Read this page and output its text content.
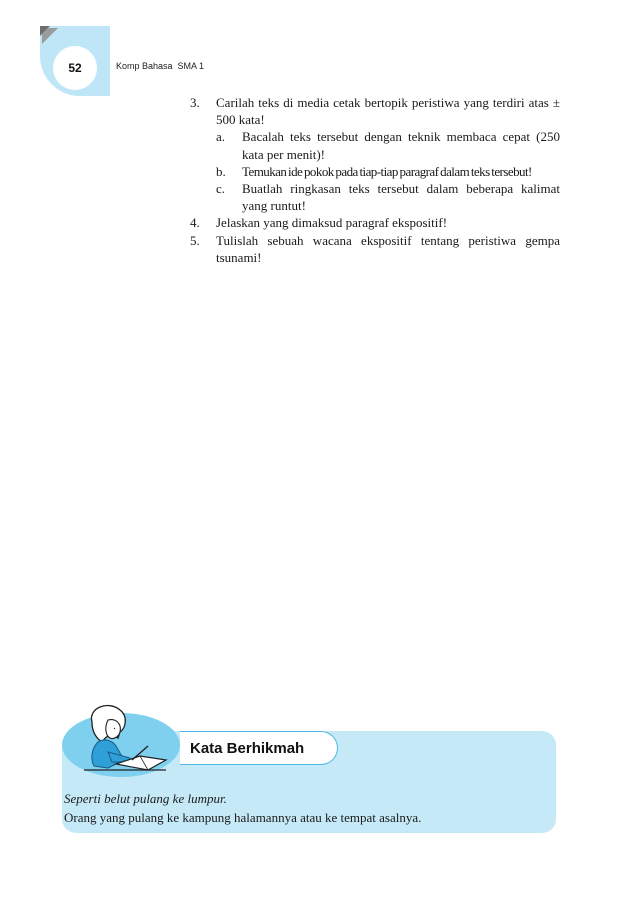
52	Komp Bahasa  SMA 1
3.	Carilah teks di media cetak bertopik peristiwa yang terdiri atas ± 500 kata!
a.	Bacalah teks tersebut dengan teknik membaca cepat (250 kata per menit)!
b.	Temukan ide pokok pada tiap-tiap paragraf dalam teks tersebut!
c.	Buatlah ringkasan teks tersebut dalam beberapa kalimat yang runtut!
4.	Jelaskan yang dimaksud paragraf ekspositif!
5.	Tulislah sebuah wacana ekspositif tentang peristiwa gempa tsunami!
Kata Berhikmah
Seperti belut pulang ke lumpur.
Orang yang pulang ke kampung halamannya atau ke tempat asalnya.
